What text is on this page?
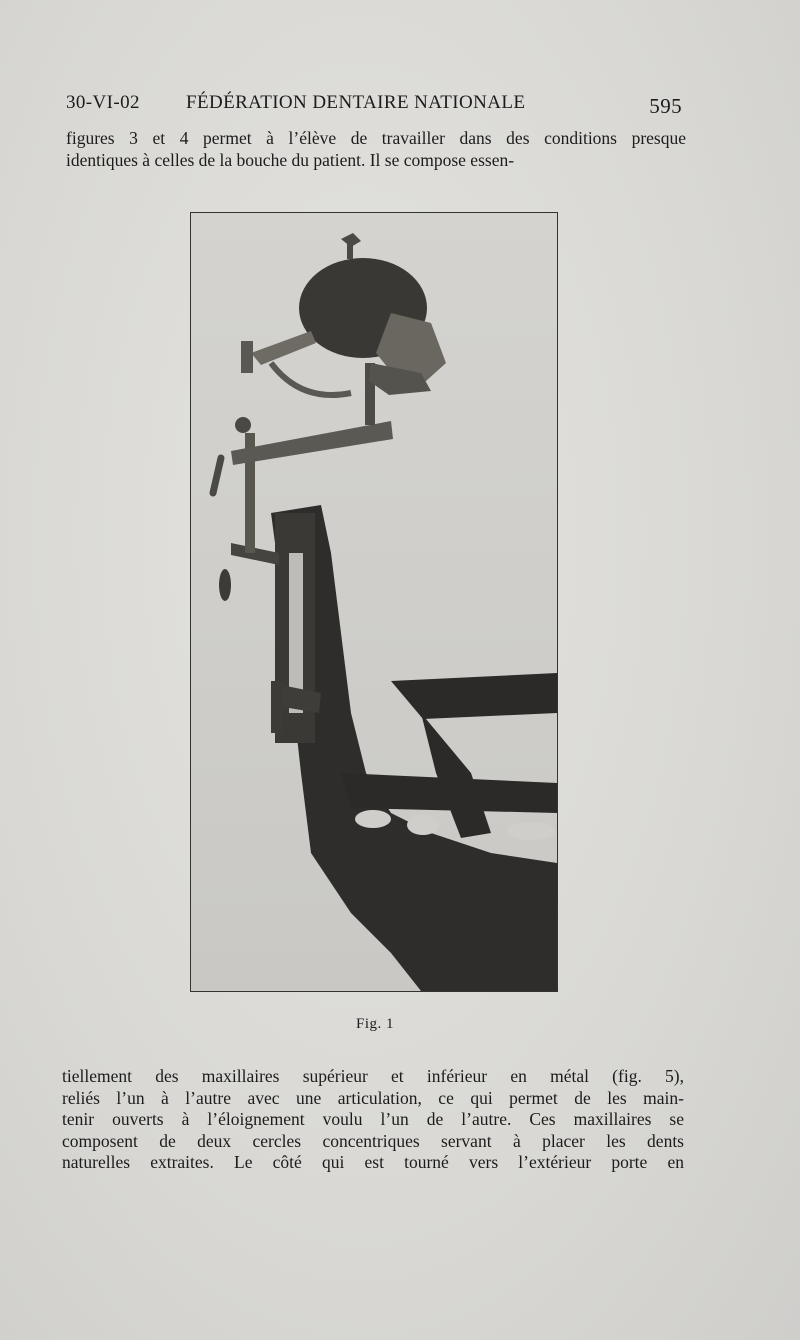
30-VI-02 FÉDÉRATION DENTAIRE NATIONALE	595
figures 3 et 4 permet à l’élève de travailler dans des conditions presque
identiques à celles de la bouche du patient. Il se compose essen-
Fig. 1
tiellement des maxillaires supérieur et inférieur en métal (fig. 5),
reliés l’un à l’autre avec une articulation, ce qui permet de les main-
tenir ouverts à l’éloignement voulu l’un de l’autre. Ces maxillaires se
composent de deux cercles concentriques servant à placer les dents
naturelles extraites. Le côté qui est tourné vers l’extérieur porte en
